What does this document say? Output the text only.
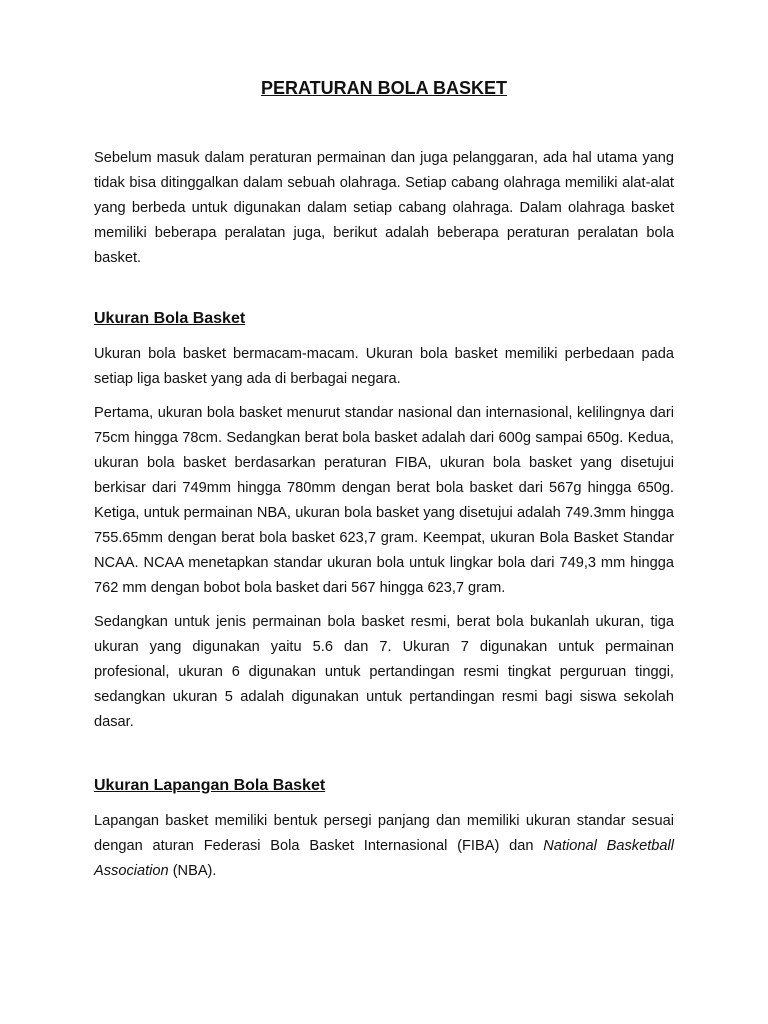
PERATURAN BOLA BASKET

Sebelum masuk dalam peraturan permainan dan juga pelanggaran, ada hal utama yang tidak bisa ditinggalkan dalam sebuah olahraga. Setiap cabang olahraga memiliki alat-alat yang berbeda untuk digunakan dalam setiap cabang olahraga. Dalam olahraga basket memiliki beberapa peralatan juga, berikut adalah beberapa peraturan peralatan bola basket.

Ukuran Bola Basket

Ukuran bola basket bermacam-macam. Ukuran bola basket memiliki perbedaan pada setiap liga basket yang ada di berbagai negara.

Pertama, ukuran bola basket menurut standar nasional dan internasional, kelilingnya dari 75cm hingga 78cm. Sedangkan berat bola basket adalah dari 600g sampai 650g. Kedua, ukuran bola basket berdasarkan peraturan FIBA, ukuran bola basket yang disetujui berkisar dari 749mm hingga 780mm dengan berat bola basket dari 567g hingga 650g. Ketiga, untuk permainan NBA, ukuran bola basket yang disetujui adalah 749.3mm hingga 755.65mm dengan berat bola basket 623,7 gram. Keempat, ukuran Bola Basket Standar NCAA. NCAA menetapkan standar ukuran bola untuk lingkar bola dari 749,3 mm hingga 762 mm dengan bobot bola basket dari 567 hingga 623,7 gram.

Sedangkan untuk jenis permainan bola basket resmi, berat bola bukanlah ukuran, tiga ukuran yang digunakan yaitu 5.6 dan 7. Ukuran 7 digunakan untuk permainan profesional, ukuran 6 digunakan untuk pertandingan resmi tingkat perguruan tinggi, sedangkan ukuran 5 adalah digunakan untuk pertandingan resmi bagi siswa sekolah dasar.

Ukuran Lapangan Bola Basket

Lapangan basket memiliki bentuk persegi panjang dan memiliki ukuran standar sesuai dengan aturan Federasi Bola Basket Internasional (FIBA) dan National Basketball Association (NBA).
